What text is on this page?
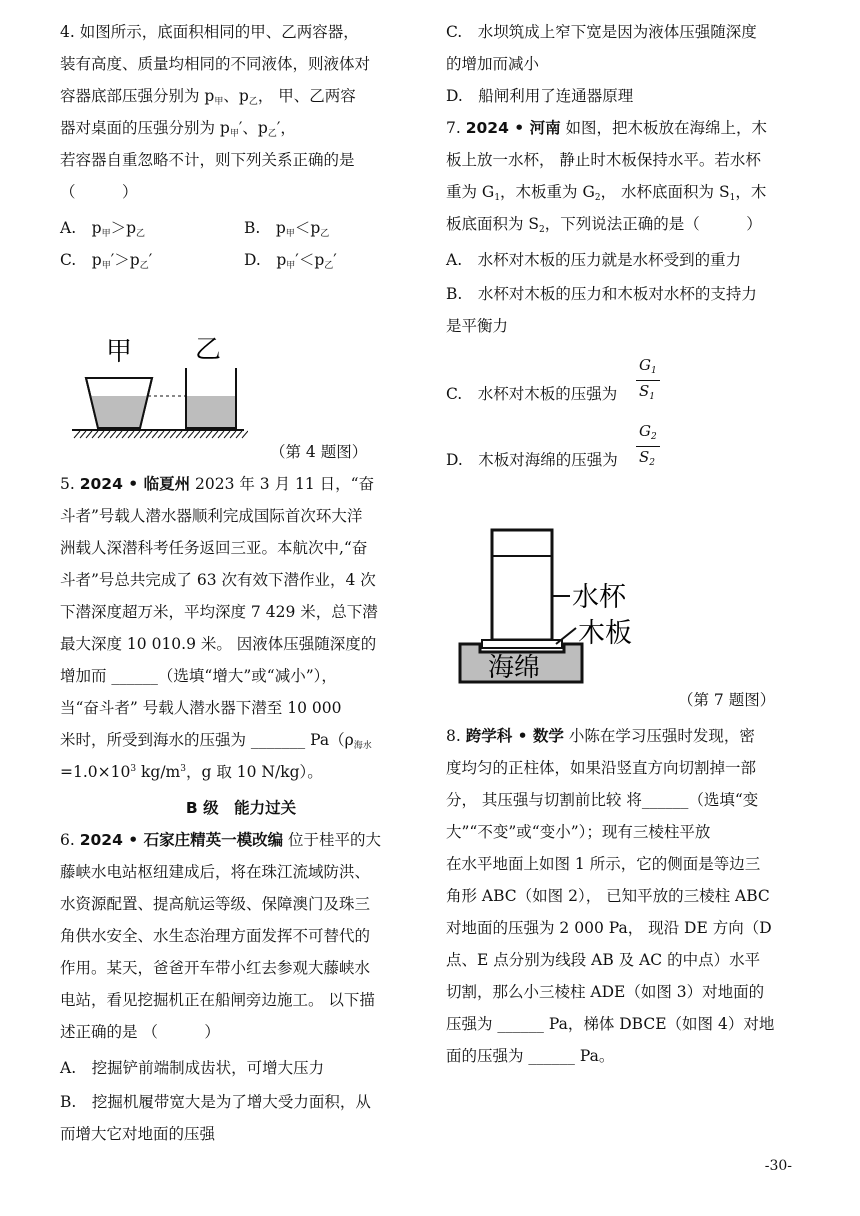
4. 如图所示，底面积相同的甲、乙两容器，
装有高度、质量均相同的不同液体，则液体对
容器底部压强分别为 p甲、p乙， 甲、乙两容
器对桌面的压强分别为 p甲′、p乙′，
若容器自重忽略不计，则下列关系正确的是
（　　　）
A.　 p甲＞p乙	B.　 p甲＜p乙
C.　 p甲′＞p乙′	D.　 p甲′＜p乙′
甲 乙
（第 4 题图）
5. 2024 • 临夏州 2023 年 3 月 11 日，“奋
斗者”号载人潜水器顺利完成国际首次环大洋
洲载人深潜科考任务返回三亚。本航次中,“奋
斗者”号总共完成了 63 次有效下潜作业，4 次
下潜深度超万米，平均深度 7 429 米，总下潜
最大深度 10 010.9 米。 因液体压强随深度的
增加而 ______（选填“增大”或“减小”），
当“奋斗者” 号载人潜水器下潜至 10 000
米时，所受到海水的压强为 _______ Pa（ρ海水
$=1.0\times 10^3$ $kg/m^3$，g 取 10 N/kg）。
B 级　能力过关
6. 2024 • 石家庄精英一模改编 位于桂平的大
藤峡水电站枢纽建成后，将在珠江流域防洪、
水资源配置、提高航运等级、保障澳门及珠三
角供水安全、水生态治理方面发挥不可替代的
作用。某天，爸爸开车带小红去参观大藤峡水
电站，看见挖掘机正在船闸旁边施工。 以下描
述正确的是 （　　　）
A.　挖掘铲前端制成齿状，可增大压力
B.　挖掘机履带宽大是为了增大受力面积，从
而增大它对地面的压强
C.　水坝筑成上窄下宽是因为液体压强随深度
的增加而减小
D.　船闸利用了连通器原理
7. 2024 • 河南 如图，把木板放在海绵上，木
板上放一水杯， 静止时木板保持水平。若水杯
重为 G1，木板重为 G2， 水杯底面积为 S1，木
板底面积为 S2，下列说法正确的是（　　　）
A.　水杯对木板的压力就是水杯受到的重力
B.　水杯对木板的压力和木板对水杯的支持力
是平衡力
C.　水杯对木板的压强为
$G_1$
$S_1$
D.　木板对海绵的压强为
$G_2$
$S_2$
海绵
水杯
木板
（第 7 题图）
8. 跨学科 • 数学 小陈在学习压强时发现，密
度均匀的正柱体，如果沿竖直方向切割掉一部
分， 其压强与切割前比较 将______（选填“变
大”“不变”或“变小”）；现有三棱柱平放
在水平地面上如图 1 所示，它的侧面是等边三
角形 ABC（如图 2）， 已知平放的三棱柱 ABC
对地面的压强为 2 000 Pa， 现沿 DE 方向（D
点、E 点分别为线段 AB 及 AC 的中点）水平
切割，那么小三棱柱 ADE（如图 3）对地面的
压强为 ______ Pa，梯体 DBCE（如图 4）对地
面的压强为 ______ Pa。
-30-
